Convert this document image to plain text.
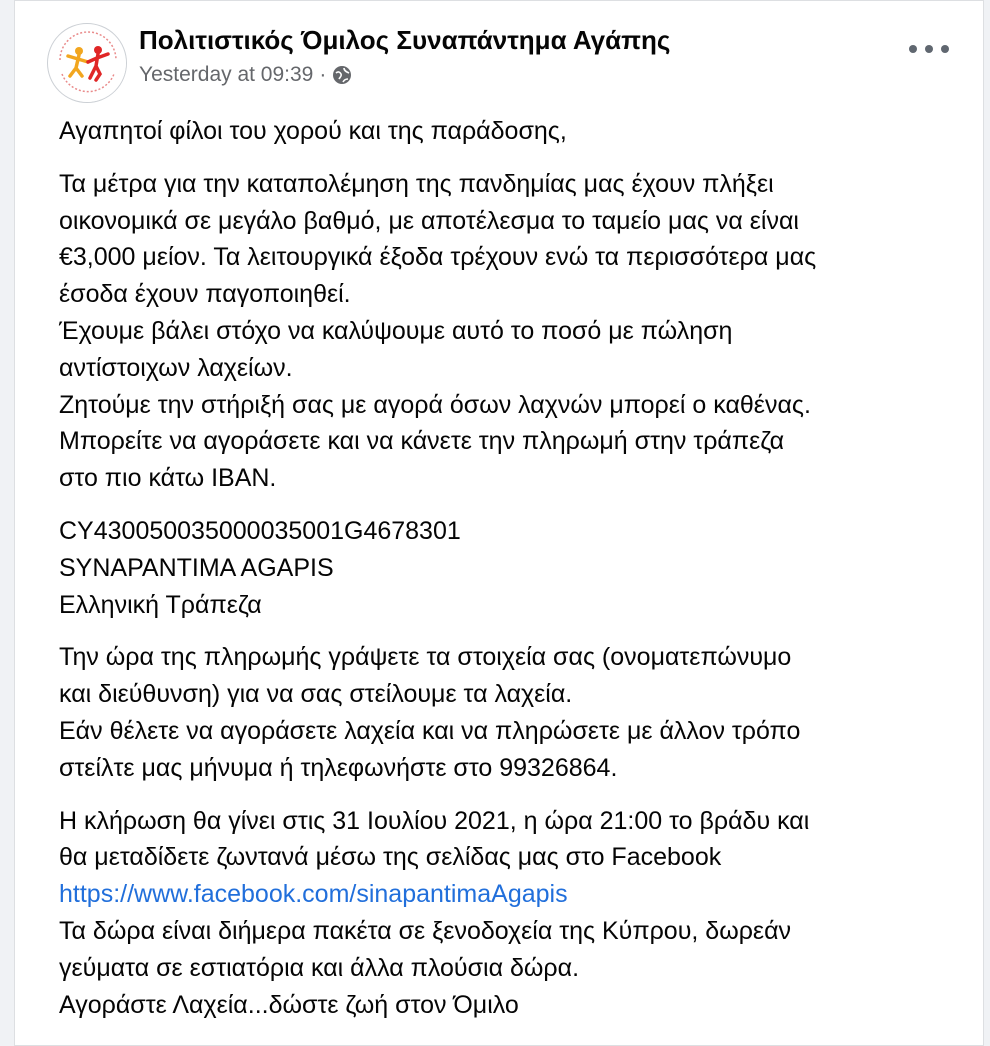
Πολιτιστικός Όμιλος Συναπάντημα Αγάπης
Yesterday at 09:39 ·
Αγαπητοί φίλοι του χορού και της παράδοσης,
Τα μέτρα για την καταπολέμηση της πανδημίας μας έχουν πλήξει
οικονομικά σε μεγάλο βαθμό, με αποτέλεσμα το ταμείο μας να είναι
€3,000 μείον. Τα λειτουργικά έξοδα τρέχουν ενώ τα περισσότερα μας
έσοδα έχουν παγοποιηθεί.
Έχουμε βάλει στόχο να καλύψουμε αυτό το ποσό με πώληση
αντίστοιχων λαχείων.
Ζητούμε την στήριξή σας με αγορά όσων λαχνών μπορεί ο καθένας.
Μπορείτε να αγοράσετε και να κάνετε την πληρωμή στην τράπεζα
στο πιο κάτω IBAN.
CY43005003500003​5001G4678301
SYNAPANTIMA AGAPIS
Ελληνική Τράπεζα
Την ώρα της πληρωμής γράψετε τα στοιχεία σας (ονοματεπώνυμο
και διεύθυνση) για να σας στείλουμε τα λαχεία.
Εάν θέλετε να αγοράσετε λαχεία και να πληρώσετε με άλλον τρόπο
στείλτε μας μήνυμα ή τηλεφωνήστε στο 99326864.
Η κλήρωση θα γίνει στις 31 Ιουλίου 2021, η ώρα 21:00 το βράδυ και
θα μεταδίδετε ζωντανά μέσω της σελίδας μας στο Facebook
https://www.facebook.com/sinapantimaAgapis
Τα δώρα είναι διήμερα πακέτα σε ξενοδοχεία της Κύπρου, δωρεάν
γεύματα σε εστιατόρια και άλλα πλούσια δώρα.
Αγοράστε Λαχεία...δώστε ζωή στον Όμιλο
